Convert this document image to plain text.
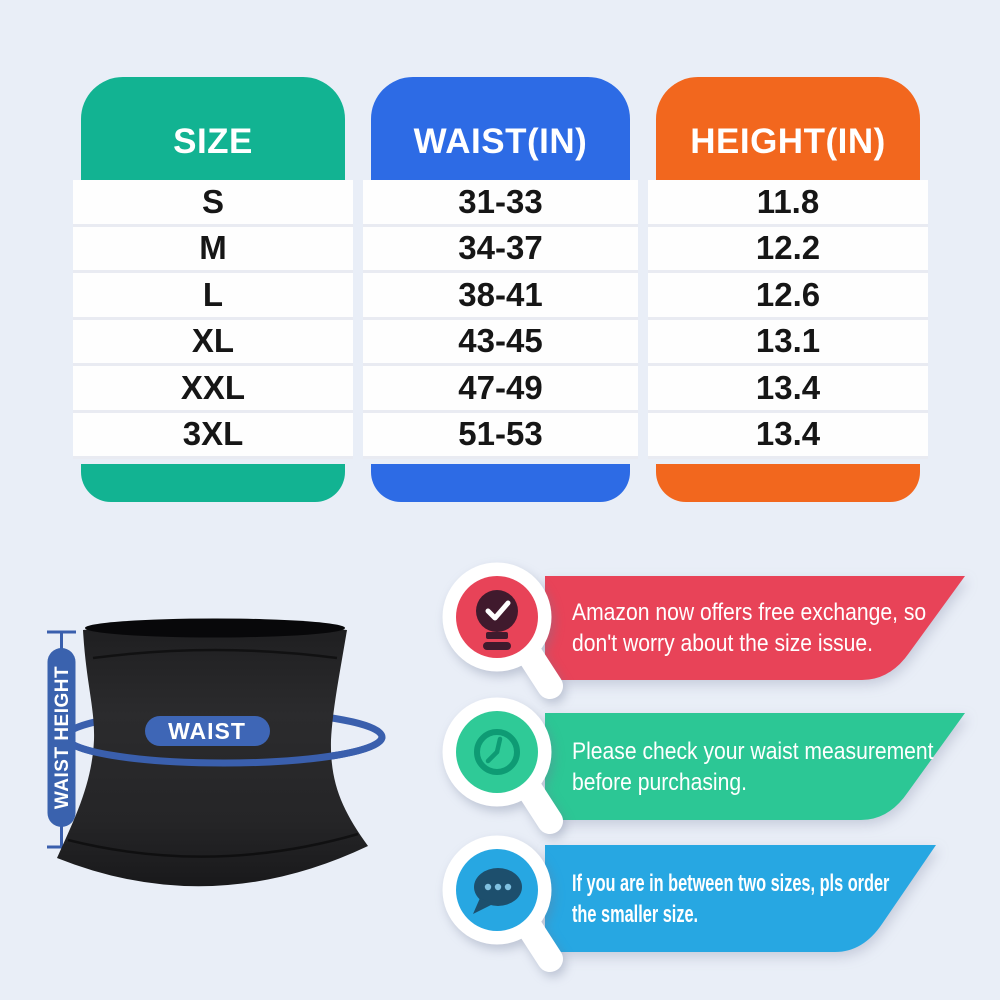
SIZE
S
M
L
XL
XXL
3XL
WAIST(IN)
31-33
34-37
38-41
43-45
47-49
51-53
HEIGHT(IN)
11.8
12.2
12.6
13.1
13.4
13.4
WAIST
WAIST HEIGHT
Amazon now offers free exchange, so
don't worry about the size issue.
Please check your waist measurement
before purchasing.
If you are in between two sizes, pls order
the smaller size.
